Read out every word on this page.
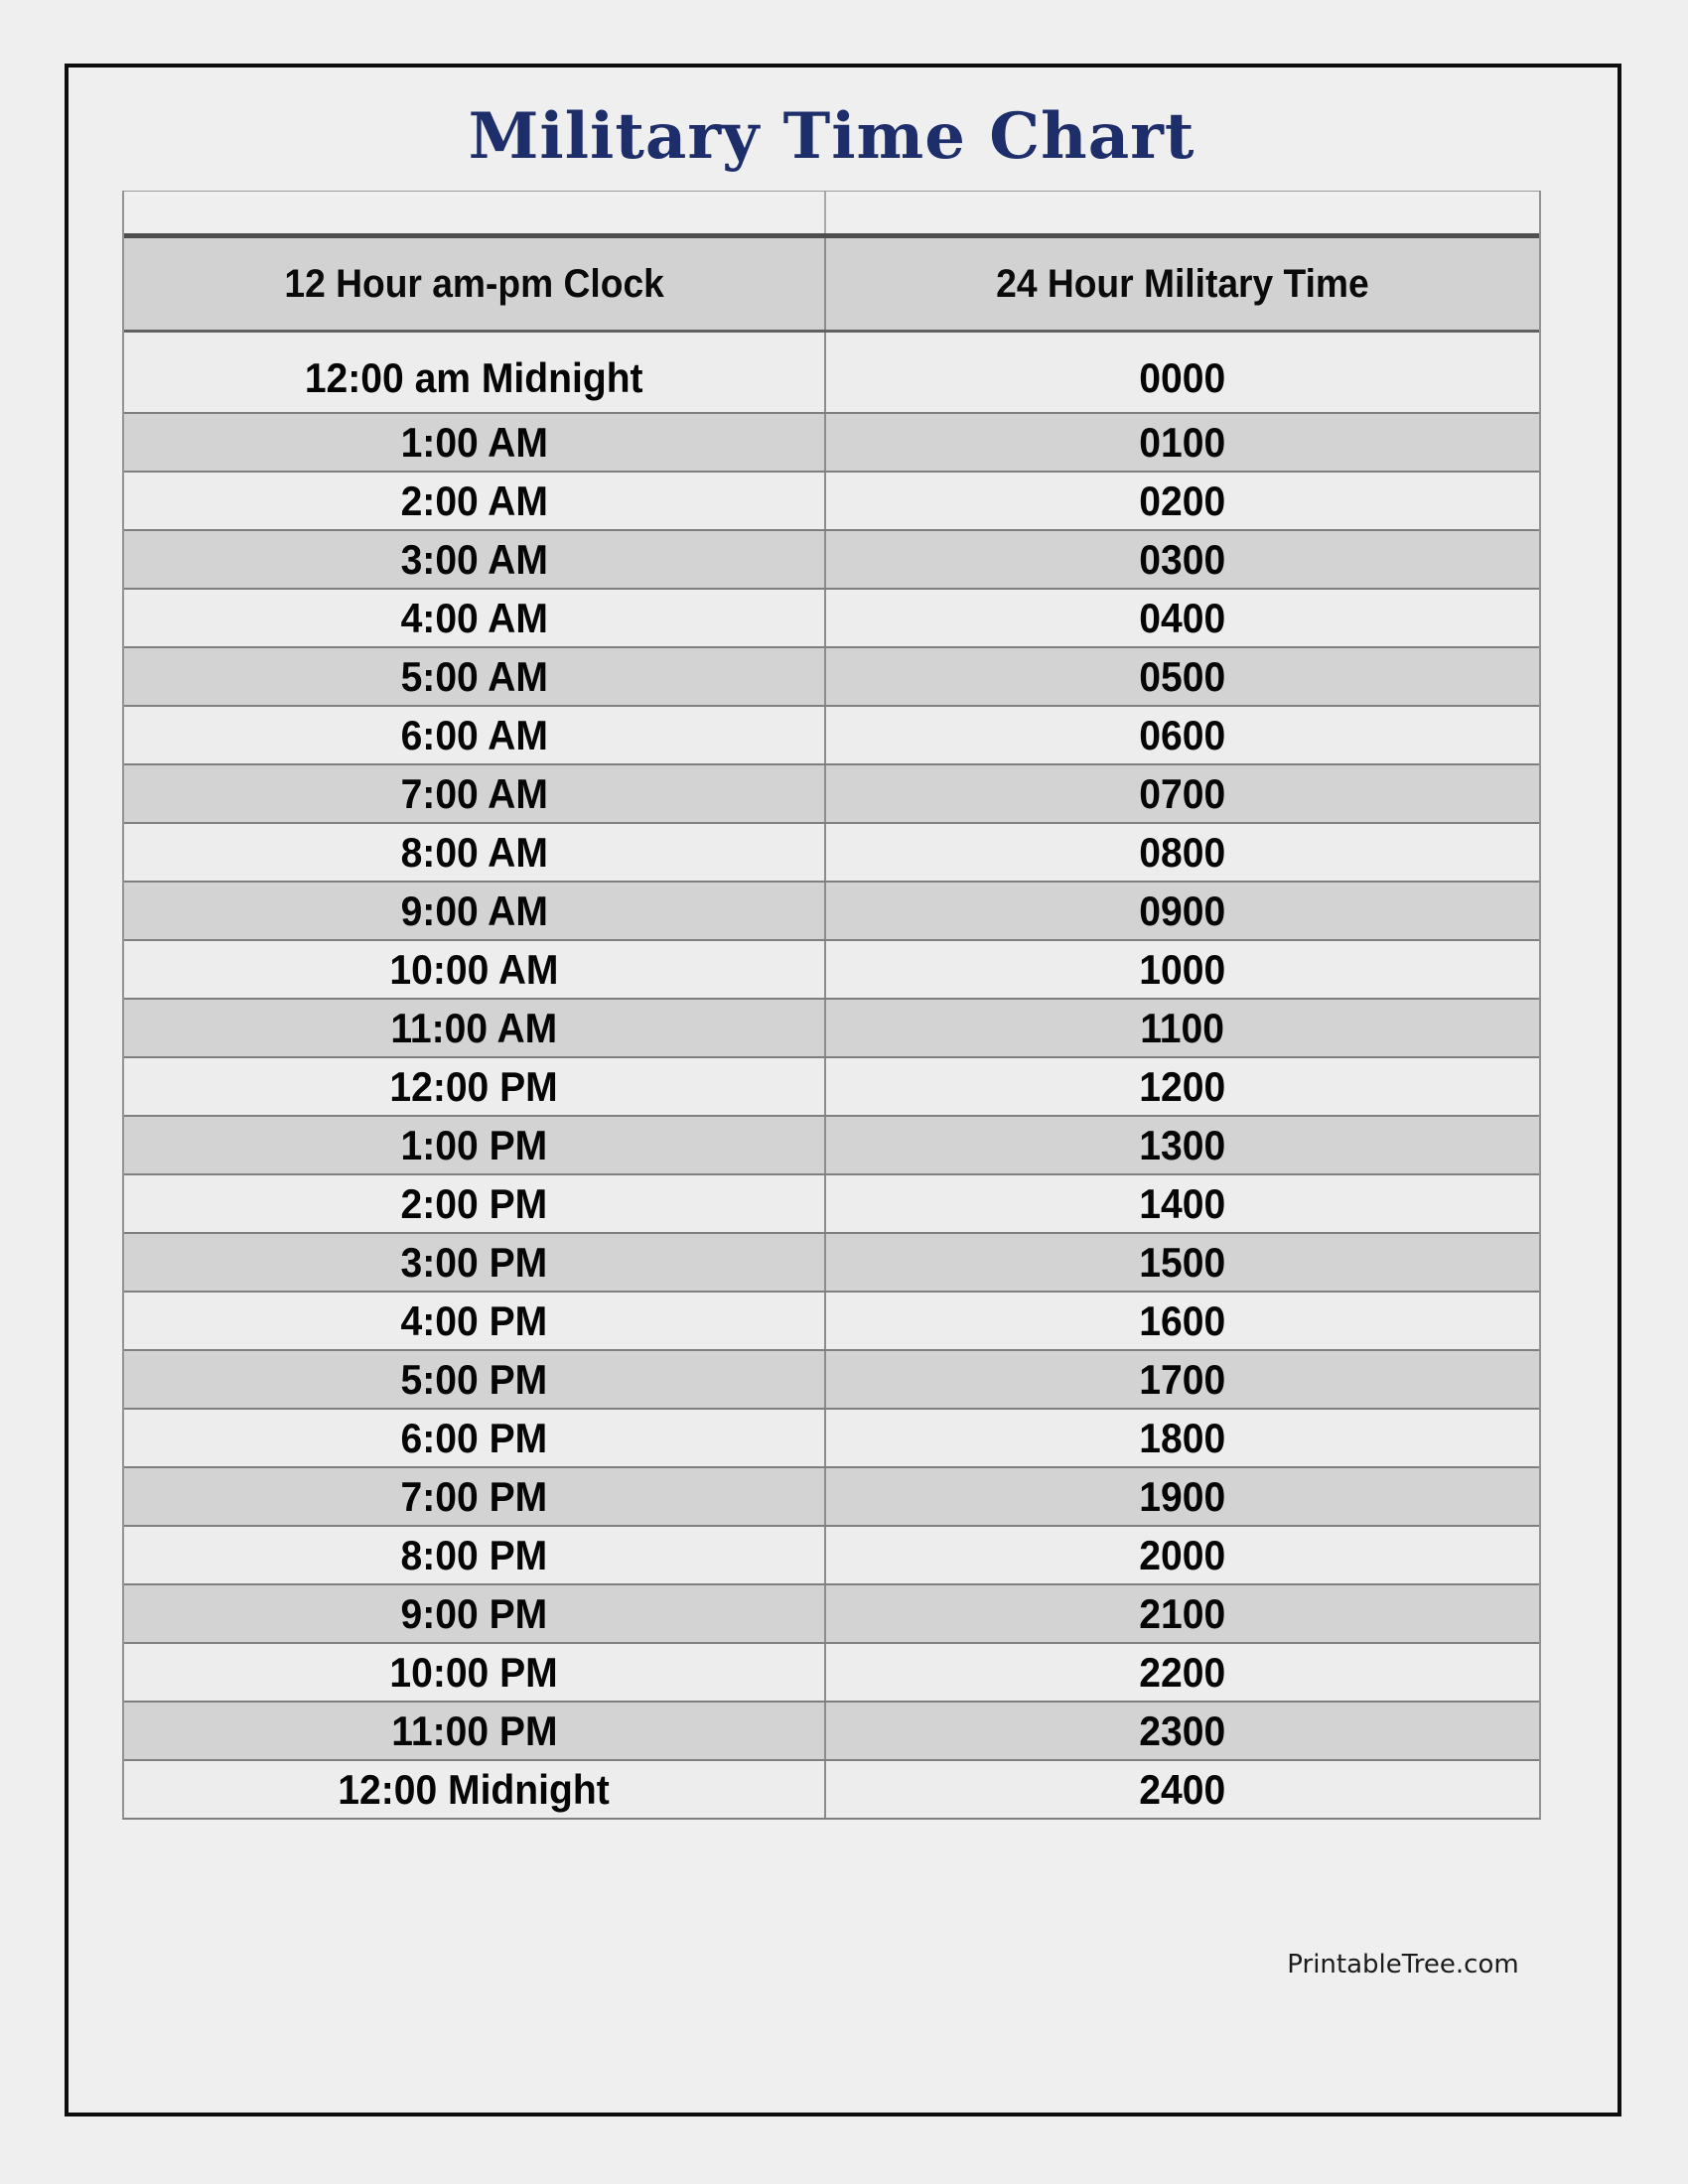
Military Time Chart
12 Hour am-pm Clock	24 Hour Military Time
12:00 am Midnight	0000
1:00 AM	0100
2:00 AM	0200
3:00 AM	0300
4:00 AM	0400
5:00 AM	0500
6:00 AM	0600
7:00 AM	0700
8:00 AM	0800
9:00 AM	0900
10:00 AM	1000
11:00 AM	1100
12:00 PM	1200
1:00 PM	1300
2:00 PM	1400
3:00 PM	1500
4:00 PM	1600
5:00 PM	1700
6:00 PM	1800
7:00 PM	1900
8:00 PM	2000
9:00 PM	2100
10:00 PM	2200
11:00 PM	2300
12:00 Midnight	2400
PrintableTree.com
